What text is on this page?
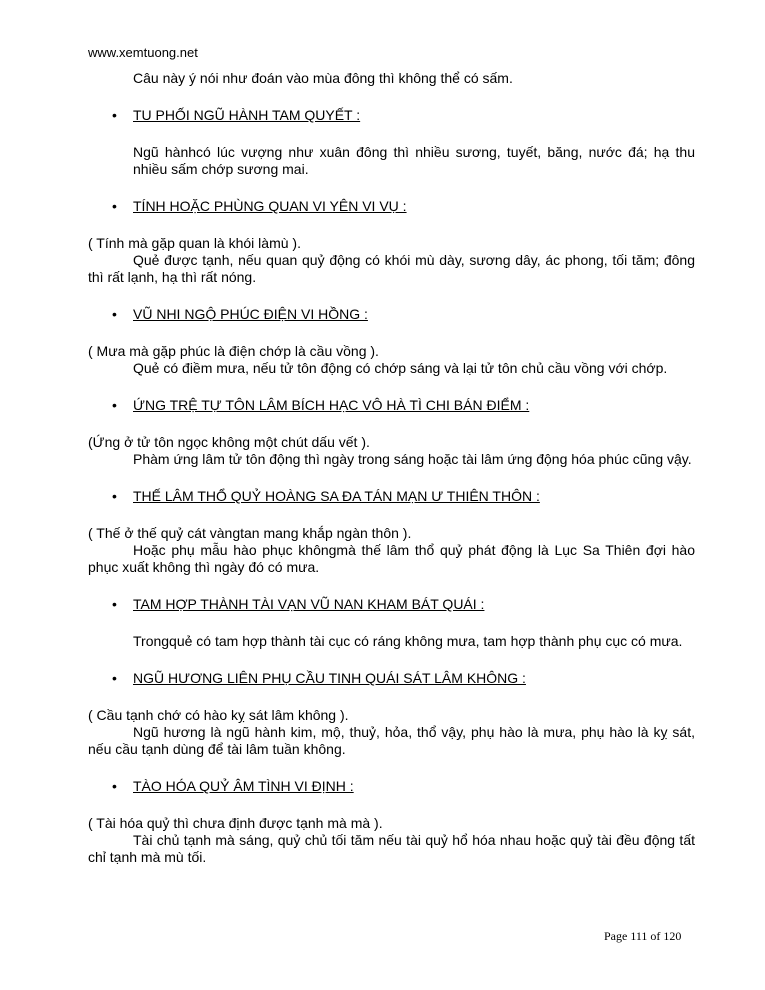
www.xemtuong.net

Câu này ý nói như đoán vào mùa đông thì không thể có sấm.

• TU PHỐI NGŨ HÀNH TAM QUYẾT :

Ngũ hànhcó lúc vượng như xuân đông thì nhiều sương, tuyết, băng, nước đá; hạ thu nhiều sấm chớp sương mai.

• TÍNH HOẶC PHÙNG QUAN VI YÊN VI VỤ :

( Tính mà gặp quan là khói làmù ).

Quẻ được tạnh, nếu quan quỷ động có khói mù dày, sương dây, ác phong, tối tăm; đông thì rất lạnh, hạ thì rất nóng.

• VŨ NHI NGỘ PHÚC ĐIỆN VI HỒNG :

( Mưa mà gặp phúc là điện chớp là cầu vồng ).

Quẻ có điềm mưa, nếu tử tôn động có chớp sáng và lại tử tôn chủ cầu vồng với chớp.

• ỨNG TRỆ TỰ TÔN LÂM BÍCH HẠC VÔ HÀ TÌ CHI BÁN ĐIỂM :

(Ứng ở tử tôn ngọc không một chút dấu vết ).

Phàm ứng lâm tử tôn động thì ngày trong sáng hoặc tài lâm ứng động hóa phúc cũng vậy.

• THẾ LÂM THỔ QUỶ HOÀNG SA ĐA TÁN MẠN Ư THIÊN THÔN :

( Thế ở thế quỷ cát vàngtan mang khắp ngàn thôn ).

Hoặc phụ mẫu hào phục khôngmà thế lâm thổ quỷ phát động là Lục Sa Thiên đợi hào phục xuất không thì ngày đó có mưa.

• TAM HỢP THÀNH TÀI VẠN VŨ NAN KHAM BÁT QUÁI :

Trongquẻ có tam hợp thành tài cục có ráng không mưa, tam hợp thành phụ cục có mưa.

• NGŨ HƯƠNG LIÊN PHỤ CẦU TINH QUÁI SÁT LÂM KHÔNG :

( Cầu tạnh chớ có hào kỵ sát lâm không ).

Ngũ hương là ngũ hành kim, mộ, thuỷ, hỏa, thổ vậy, phụ hào là mưa, phụ hào là kỵ sát, nếu cầu tạnh dùng để tài lâm tuần không.

• TÀO HÓA QUỶ ÂM TÌNH VI ĐỊNH :

( Tài hóa quỷ thì chưa định được tạnh mà mà ).

Tài chủ tạnh mà sáng, quỷ chủ tối tăm nếu tài quỷ hổ hóa nhau hoặc quỷ tài đều động tất chỉ tạnh mà mù tối.

Page 111 of 120
